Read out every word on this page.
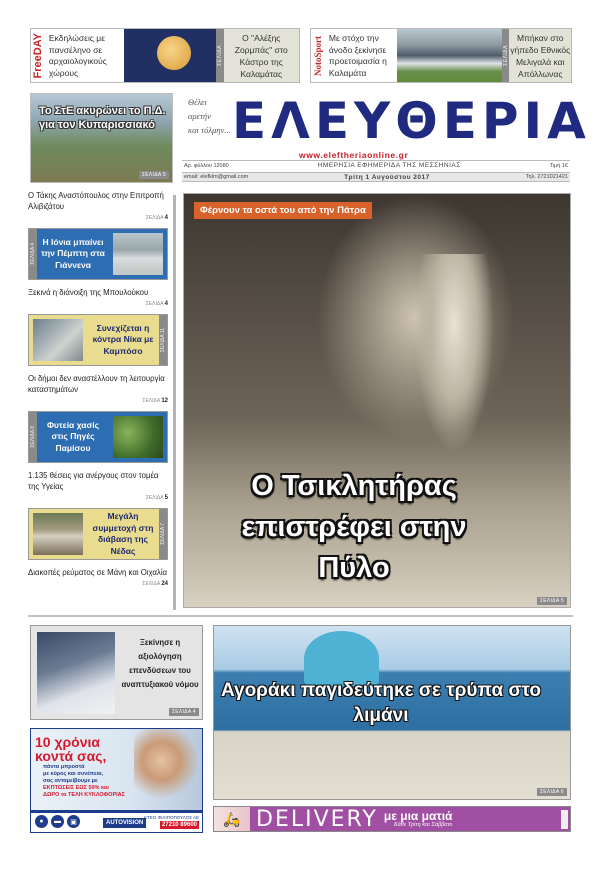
FreeDAY Εκδηλώσεις με πανσέληνο σε αρχαιολογικούς χώρους
ΣΕΛΙΔΑ
Ο "Αλέξης Ζορμπάς" στο Κάστρο της Καλαμάτας	NotoSport Με στόχο την άνοδο ξεκίνησε προετοιμασία η Καλαμάτα
ΣΕΛΙΔΑ
Μπήκαν στο γήπεδο Εθνικός Μελιγαλά και Απόλλωνας
Το ΣτΕ ακυρώνει το Π.Δ. για τον Κυπαρισσιακό
ΣΕΛΙΔΑ 5
Θέλει
αρετήν
και τόλμην... ΕΛΕΥΘΕΡΙΑ
www.eleftheriaonline.gr
Αρ. φύλλου 12080	ΗΜΕΡΗΣΙΑ ΕΦΗΜΕΡΙΔΑ ΤΗΣ ΜΕΣΣΗΝΙΑΣ	Τιμή 1€
email: elefklm@gmail.com	Τρίτη 1 Αυγούστου 2017	Τηλ. 2721021421
Ο Τάκης Αναστόπουλος στην Επιτροπή Αλιβιζάτου
ΣΕΛΙΔΑ 4
ΣΕΛΙΔΑ 4
Η Ιόνια μπαίνει την Πέμπτη στα Γιάννενα
Ξεκινά η διάνοιξη της Μπουλούκου
ΣΕΛΙΔΑ 4
Συνεχίζεται η κόντρα Νίκα με Καμπόσο	ΣΕΛΙΔΑ 11
Οι δήμοι δεν αναστέλλουν τη λειτουργία καταστημάτων
ΣΕΛΙΔΑ 12
ΣΕΛΙΔΑ 8
Φυτεία χασίς στις Πηγές Παμίσου
1.135 θέσεις για ανέργους στον τομέα της Υγείας
ΣΕΛΙΔΑ 5
Μεγάλη συμμετοχή στη διάβαση της Νέδας
ΣΕΛΙΔΑ 7
Διακοπές ρεύματος σε Μάνη και Οιχαλία
ΣΕΛΙΔΑ 24
Φέρνουν τα οστά του από την Πάτρα
Ο Τσικλητήρας επιστρέφει στην Πύλο
ΣΕΛΙΔΑ 5
Ξεκίνησε η αξιολόγηση επενδύσεων του αναπτυξιακού νόμου
ΣΕΛΙΔΑ 4
10 χρόνια κοντά σας,
πάντα μπροστά
με κύρος και συνέπεια,
σας ανταμείβουμε με
ΕΚΠΤΩΣΕΙΣ ΕΩΣ 50% και
ΔΩΡΟ τα ΤΕΛΗ ΚΥΚΛΟΦΟΡΙΑΣ
●	▬	▣	AUTOVISION
ΚΤΕΟ ΦΙΛΙΠΟΠΟΥΛΟΣ ΑΕ
27210 89600
Αγοράκι παγιδεύτηκε σε τρύπα στο λιμάνι
ΣΕΛΙΔΑ 6
🛵 DELIVERY με μια ματιά
Κάθε Τρίτη και Σάββατο
